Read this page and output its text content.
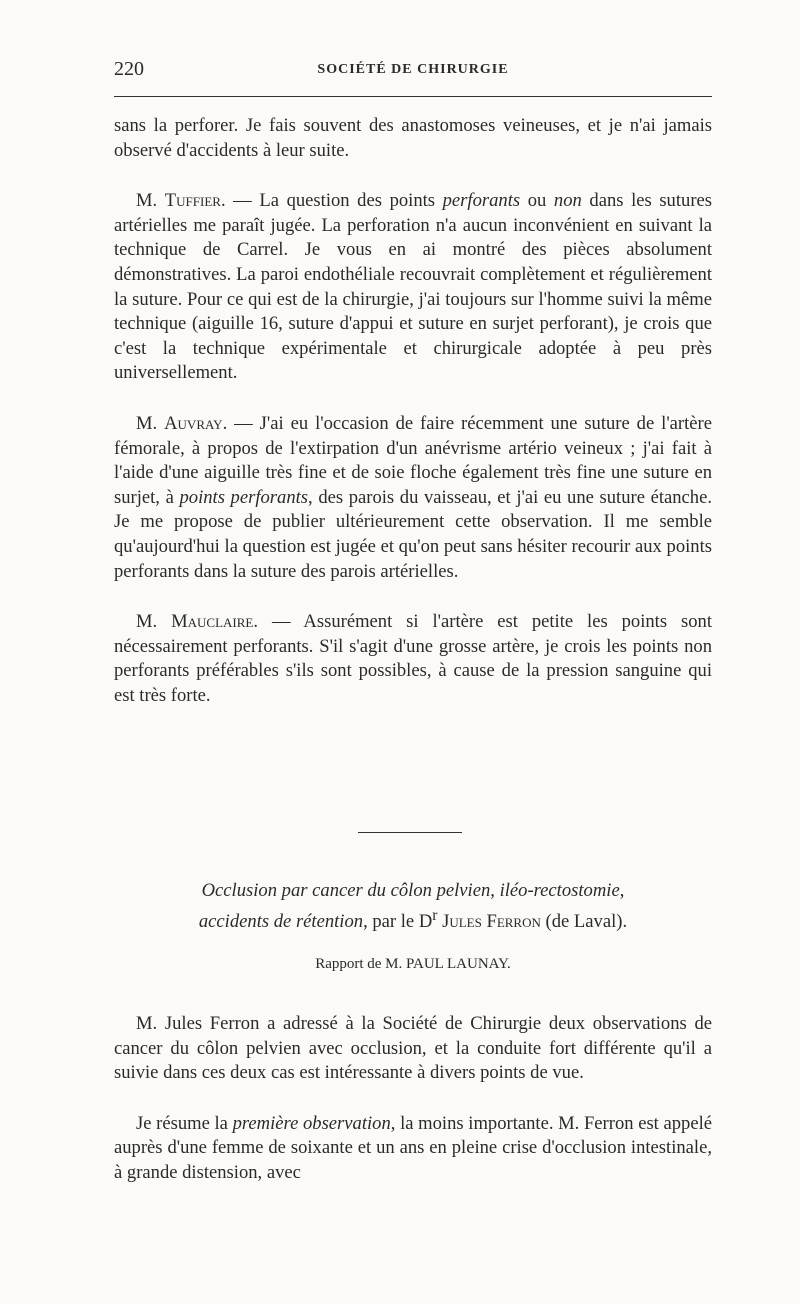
220	SOCIÉTÉ DE CHIRURGIE

sans la perforer. Je fais souvent des anastomoses veineuses, et je n'ai jamais observé d'accidents à leur suite.

M. Tuffier. — La question des points perforants ou non dans les sutures artérielles me paraît jugée. La perforation n'a aucun inconvénient en suivant la technique de Carrel. Je vous en ai montré des pièces absolument démonstratives. La paroi endothéliale recouvrait complètement et régulièrement la suture. Pour ce qui est de la chirurgie, j'ai toujours sur l'homme suivi la même technique (aiguille 16, suture d'appui et suture en surjet perforant), je crois que c'est la technique expérimentale et chirurgicale adoptée à peu près universellement.

M. Auvray. — J'ai eu l'occasion de faire récemment une suture de l'artère fémorale, à propos de l'extirpation d'un anévrisme artério veineux ; j'ai fait à l'aide d'une aiguille très fine et de soie floche également très fine une suture en surjet, à points perforants, des parois du vaisseau, et j'ai eu une suture étanche. Je me propose de publier ultérieurement cette observation. Il me semble qu'aujourd'hui la question est jugée et qu'on peut sans hésiter recourir aux points perforants dans la suture des parois artérielles.

M. Mauclaire. — Assurément si l'artère est petite les points sont nécessairement perforants. S'il s'agit d'une grosse artère, je crois les points non perforants préférables s'ils sont possibles, à cause de la pression sanguine qui est très forte.

Occlusion par cancer du côlon pelvien, iléo-rectostomie,
accidents de rétention, par le $D^r$ Jules Ferron (de Laval).
Rapport de M. PAUL LAUNAY.

M. Jules Ferron a adressé à la Société de Chirurgie deux observations de cancer du côlon pelvien avec occlusion, et la conduite fort différente qu'il a suivie dans ces deux cas est intéressante à divers points de vue.

Je résume la première observation, la moins importante. M. Ferron est appelé auprès d'une femme de soixante et un ans en pleine crise d'occlusion intestinale, à grande distension, avec
